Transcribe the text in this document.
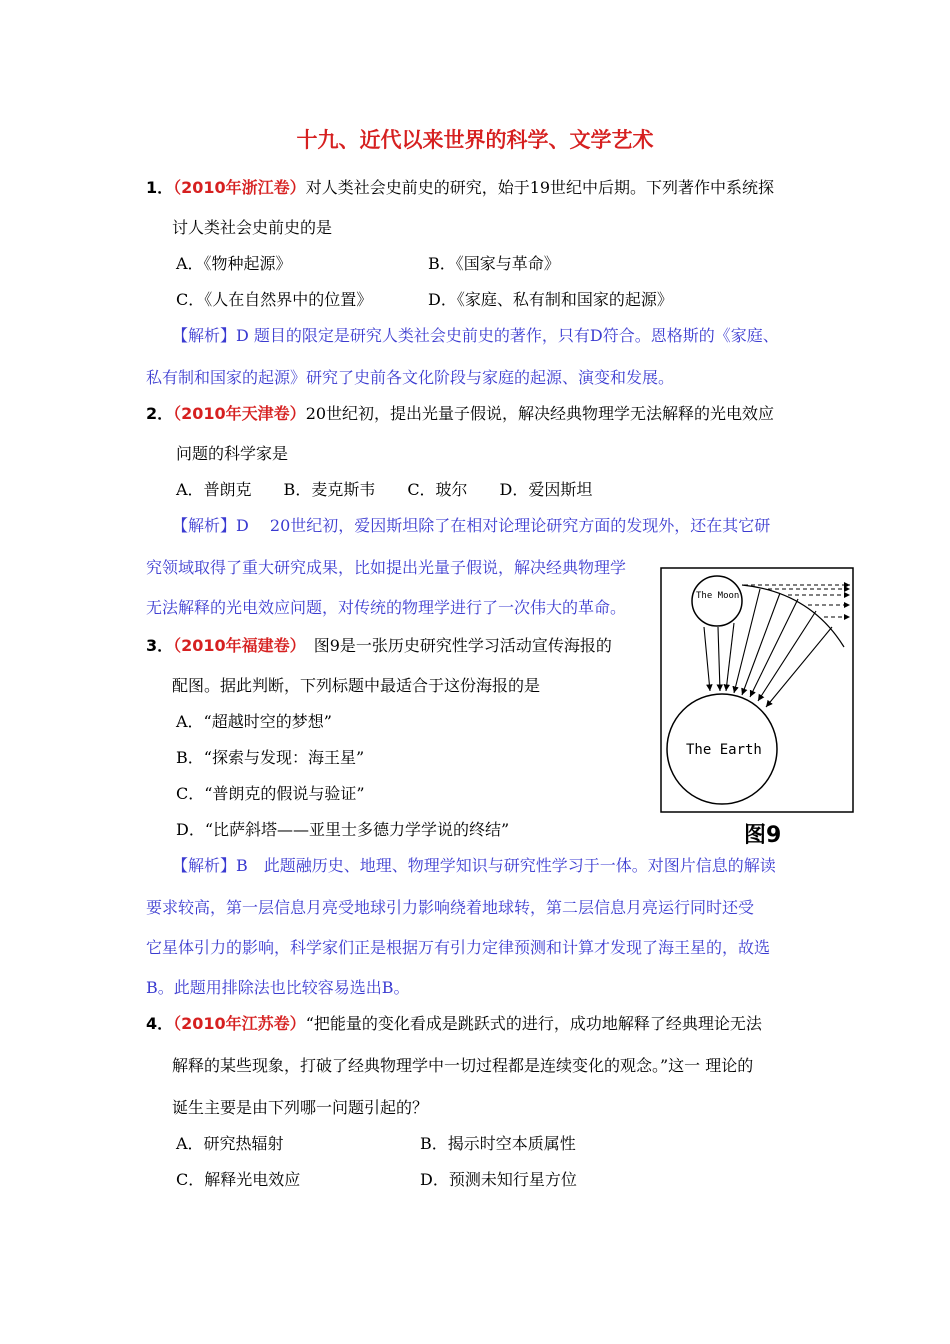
十九、近代以来世界的科学、文学艺术
1．（2010年浙江卷）对人类社会史前史的研究，始于19世纪中后期。下列著作中系统探
讨人类社会史前史的是
A．《物种起源》	B．《国家与革命》
C．《人在自然界中的位置》	D．《家庭、私有制和国家的起源》
【解析】D 题目的限定是研究人类社会史前史的著作，只有D符合。恩格斯的《家庭、
私有制和国家的起源》研究了史前各文化阶段与家庭的起源、演变和发展。
2．（2010年天津卷）20世纪初，提出光量子假说，解决经典物理学无法解释的光电效应
问题的科学家是
A．普朗克　　B．麦克斯韦　　C．玻尔　　D．爱因斯坦
【解析】D　 20世纪初，爱因斯坦除了在相对论理论研究方面的发现外，还在其它研
究领域取得了重大研究成果，比如提出光量子假说，解决经典物理学
无法解释的光电效应问题，对传统的物理学进行了一次伟大的革命。
3．（2010年福建卷）　图9是一张历史研究性学习活动宣传海报的
配图。据此判断，下列标题中最适合于这份海报的是
A．“超越时空的梦想”
B．“探索与发现：海王星”
C．“普朗克的假说与验证”
D．“比萨斜塔——亚里士多德力学学说的终结”
【解析】B　此题融历史、地理、物理学知识与研究性学习于一体。对图片信息的解读
要求较高，第一层信息月亮受地球引力影响绕着地球转，第二层信息月亮运行同时还受
它星体引力的影响，科学家们正是根据万有引力定律预测和计算才发现了海王星的，故选
B。此题用排除法也比较容易选出B。
The Moon
The Earth
图9
4．（2010年江苏卷）“把能量的变化看成是跳跃式的进行，成功地解释了经典理论无法
解释的某些现象，打破了经典物理学中一切过程都是连续变化的观念。”这一 理论的
诞生主要是由下列哪一问题引起的？
A．研究热辐射	B．揭示时空本质属性
C．解释光电效应	D．预测未知行星方位
